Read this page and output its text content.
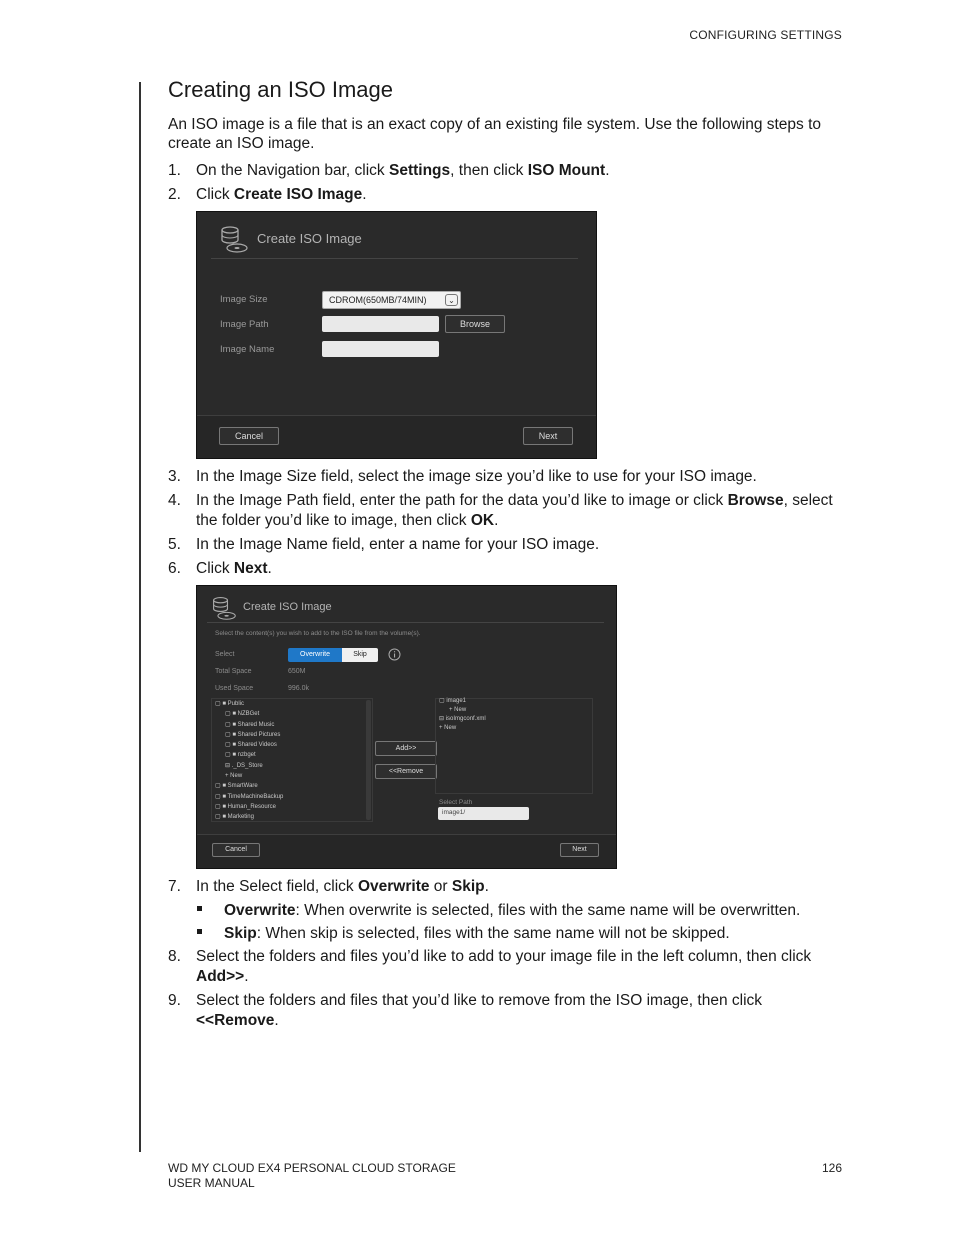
CONFIGURING SETTINGS
Creating an ISO Image

An ISO image is a file that is an exact copy of an existing file system. Use the following steps to create an ISO image.

1. On the Navigation bar, click Settings, then click ISO Mount.
2. Click Create ISO Image.
Create ISO Image
Image Size	CDROM(650MB/74MIN)	⌄
Image Path	Browse
Image Name
Cancel	Next
3. In the Image Size field, select the image size you’d like to use for your ISO image.
4. In the Image Path field, enter the path for the data you’d like to image or click Browse, select the folder you’d like to image, then click OK.
5. In the Image Name field, enter a name for your ISO image.
6. Click Next.
Create ISO Image
Select the content(s) you wish to add to the ISO file from the volume(s).
Select	Overwrite	Skip
Total Space	650M
Used Space	996.0k
▢ ■ Public
▢ ■ NZBGet
▢ ■ Shared Music
▢ ■ Shared Pictures
▢ ■ Shared Videos
▢ ■ nzbget
⊟ ._DS_Store
+ New
▢ ■ SmartWare
▢ ■ TimeMachineBackup
▢ ■ Human_Resource
▢ ■ Marketing
Add>>
<<Remove
▢ image1
+ New
⊟ isoImgconf.xml
+ New
Select Path
image1/
Cancel	Next
7. In the Select field, click Overwrite or Skip.
Overwrite: When overwrite is selected, files with the same name will be overwritten.
Skip: When skip is selected, files with the same name will not be skipped.
8. Select the folders and files you’d like to add to your image file in the left column, then click Add>>.
9. Select the folders and files that you’d like to remove from the ISO image, then click <<Remove.
WD MY CLOUD EX4 PERSONAL CLOUD STORAGE
USER MANUAL
126
